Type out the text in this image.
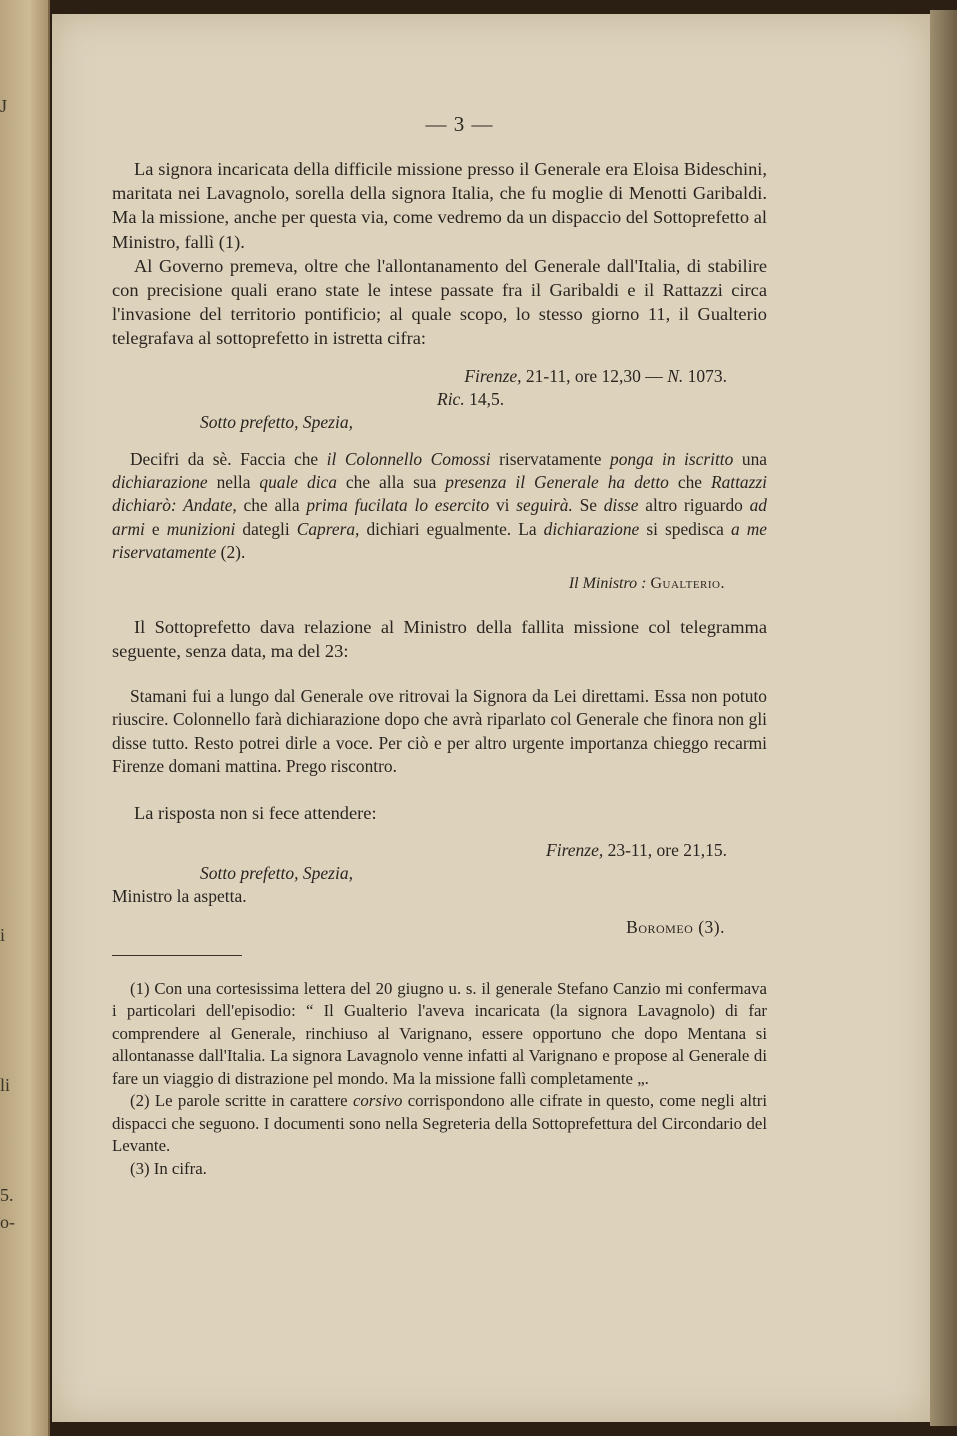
J
i
li
5.
o-
— 3 —

La signora incaricata della difficile missione presso il Generale era Eloisa Bideschini, maritata nei Lavagnolo, sorella della signora Italia, che fu moglie di Menotti Garibaldi. Ma la missione, anche per questa via, come vedremo da un dispaccio del Sottoprefetto al Ministro, fallì (1).

Al Governo premeva, oltre che l'allontanamento del Generale dall'Italia, di stabilire con precisione quali erano state le intese passate fra il Garibaldi e il Rattazzi circa l'invasione del territorio pontificio; al quale scopo, lo stesso giorno 11, il Gualterio telegrafava al sottoprefetto in istretta cifra:

Firenze, 21-11, ore 12,30 — N. 1073.
Ric. 14,5.
Sotto prefetto, Spezia,

Decifri da sè. Faccia che il Colonnello Comossi riservatamente ponga in iscritto una dichiarazione nella quale dica che alla sua presenza il Generale ha detto che Rattazzi dichiarò: Andate, che alla prima fucilata lo esercito vi seguirà. Se disse altro riguardo ad armi e munizioni dategli Caprera, dichiari egualmente. La dichiarazione si spedisca a me riservatamente (2).

Il Ministro :
Gualterio.

Il Sottoprefetto dava relazione al Ministro della fallita missione col telegramma seguente, senza data, ma del 23:

Stamani fui a lungo dal Generale ove ritrovai la Signora da Lei direttami. Essa non potuto riuscire. Colonnello farà dichiarazione dopo che avrà riparlato col Generale che finora non gli disse tutto. Resto potrei dirle a voce. Per ciò e per altro urgente importanza chieggo recarmi Firenze domani mattina. Prego riscontro.

La risposta non si fece attendere:

Firenze, 23-11, ore 21,15.
Sotto prefetto, Spezia,
Ministro la aspetta.
Boromeo (3).

(1) Con una cortesissima lettera del 20 giugno u. s. il generale Stefano Canzio mi confermava i particolari dell'episodio: “ Il Gualterio l'aveva incaricata (la signora Lavagnolo) di far comprendere al Generale, rinchiuso al Varignano, essere opportuno che dopo Mentana si allontanasse dall'Italia. La signora Lavagnolo venne infatti al Varignano e propose al Generale di fare un viaggio di distrazione pel mondo. Ma la missione fallì completamente „.

(2) Le parole scritte in carattere corsivo corrispondono alle cifrate in questo, come negli altri dispacci che seguono. I documenti sono nella Segreteria della Sottoprefettura del Circondario del Levante.

(3) In cifra.
